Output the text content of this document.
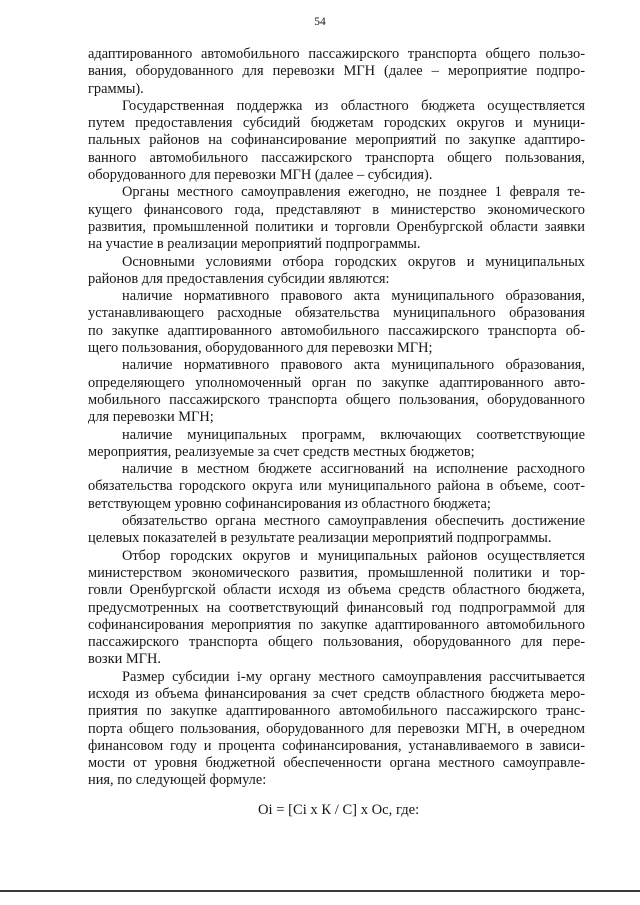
54

адаптированного автомобильного пассажирского транспорта общего пользо-
вания, оборудованного для перевозки МГН (далее – мероприятие подпро-
граммы).

Государственная поддержка из областного бюджета осуществляется
путем предоставления субсидий бюджетам городских округов и муници-
пальных районов на софинансирование мероприятий по закупке адаптиро-
ванного автомобильного пассажирского транспорта общего пользования,
оборудованного для перевозки МГН (далее – субсидия).

Органы местного самоуправления ежегодно, не позднее 1 февраля те-
кущего финансового года, представляют в министерство экономического
развития, промышленной политики и торговли Оренбургской области заявки
на участие в реализации мероприятий подпрограммы.

Основными условиями отбора городских округов и муниципальных
районов для предоставления субсидии являются:

наличие нормативного правового акта муниципального образования,
устанавливающего расходные обязательства муниципального образования
по закупке адаптированного автомобильного пассажирского транспорта об-
щего пользования, оборудованного для перевозки МГН;

наличие нормативного правового акта муниципального образования,
определяющего уполномоченный орган по закупке адаптированного авто-
мобильного пассажирского транспорта общего пользования, оборудованного
для перевозки МГН;

наличие муниципальных программ, включающих соответствующие
мероприятия, реализуемые за счет средств местных бюджетов;

наличие в местном бюджете ассигнований на исполнение расходного
обязательства городского округа или муниципального района в объеме, соот-
ветствующем уровню софинансирования из областного бюджета;

обязательство органа местного самоуправления обеспечить достижение
целевых показателей в результате реализации мероприятий подпрограммы.

Отбор городских округов и муниципальных районов осуществляется
министерством экономического развития, промышленной политики и тор-
говли Оренбургской области исходя из объема средств областного бюджета,
предусмотренных на соответствующий финансовый год подпрограммой для
софинансирования мероприятия по закупке адаптированного автомобильного
пассажирского транспорта общего пользования, оборудованного для пере-
возки МГН.

Размер субсидии i-му органу местного самоуправления рассчитывается
исходя из объема финансирования за счет средств областного бюджета меро-
приятия по закупке адаптированного автомобильного пассажирского транс-
порта общего пользования, оборудованного для перевозки МГН, в очередном
финансовом году и процента софинансирования, устанавливаемого в зависи-
мости от уровня бюджетной обеспеченности органа местного самоуправле-
ния, по следующей формуле:

Oi = [Ci x К / С] х Ос, где:
